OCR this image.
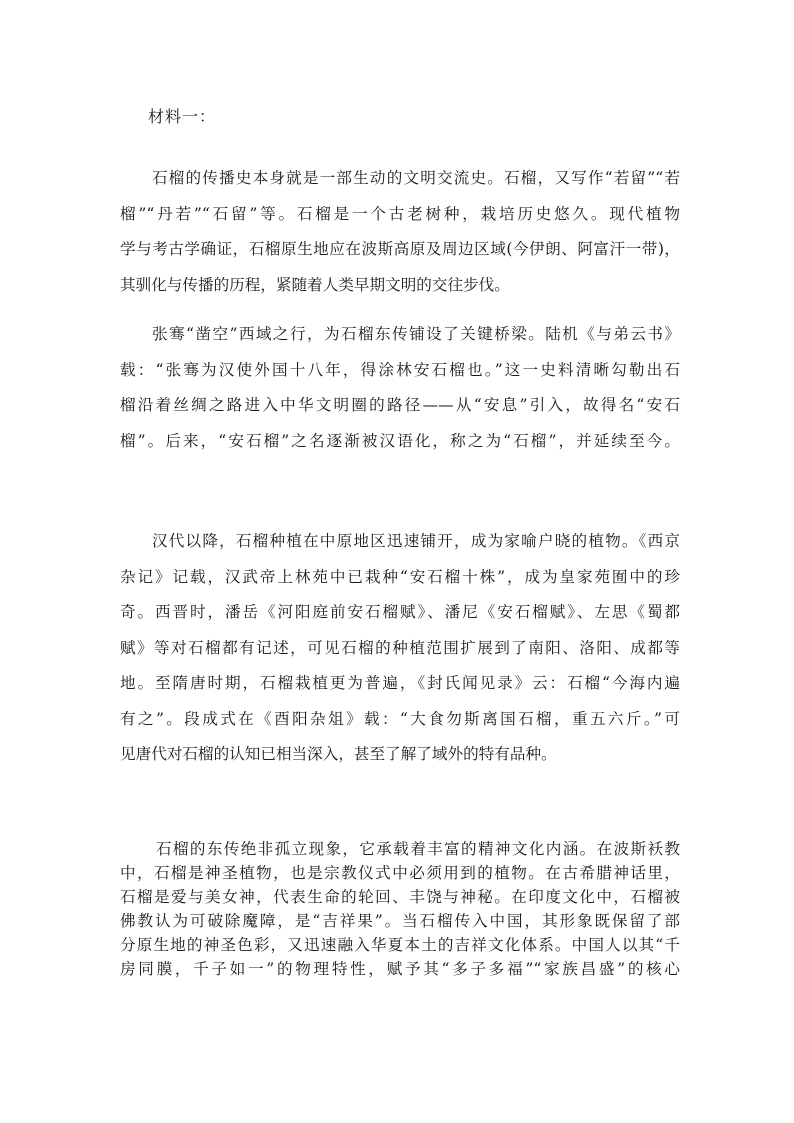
材料一：
石榴的传播史本身就是一部生动的文明交流史。石榴，又写作“若留”“若
榴”“丹若”“石留”等。石榴是一个古老树种，栽培历史悠久。现代植物
学与考古学确证，石榴原生地应在波斯高原及周边区域(今伊朗、阿富汗一带)，
其驯化与传播的历程，紧随着人类早期文明的交往步伐。
张骞“凿空”西域之行，为石榴东传铺设了关键桥梁。陆机《与弟云书》
载：“张骞为汉使外国十八年，得涂林安石榴也。”这一史料清晰勾勒出石
榴沿着丝绸之路进入中华文明圈的路径——从“安息”引入，故得名“安石
榴”。后来，“安石榴”之名逐渐被汉语化，称之为“石榴”，并延续至今。
汉代以降，石榴种植在中原地区迅速铺开，成为家喻户晓的植物。《西京
杂记》记载，汉武帝上林苑中已栽种“安石榴十株”，成为皇家苑囿中的珍
奇。西晋时，潘岳《河阳庭前安石榴赋》、潘尼《安石榴赋》、左思《蜀都
赋》等对石榴都有记述，可见石榴的种植范围扩展到了南阳、洛阳、成都等
地。至隋唐时期，石榴栽植更为普遍，《封氏闻见录》云：石榴“今海内遍
有之”。段成式在《酉阳杂俎》载：“大食勿斯离国石榴，重五六斤。”可
见唐代对石榴的认知已相当深入，甚至了解了域外的特有品种。
石榴的东传绝非孤立现象，它承载着丰富的精神文化内涵。在波斯袄教
中，石榴是神圣植物，也是宗教仪式中必须用到的植物。在古希腊神话里，
石榴是爱与美女神，代表生命的轮回、丰饶与神秘。在印度文化中，石榴被
佛教认为可破除魔障，是“吉祥果”。当石榴传入中国，其形象既保留了部
分原生地的神圣色彩，又迅速融入华夏本土的吉祥文化体系。中国人以其“千
房同膜，千子如一”的物理特性，赋予其“多子多福”“家族昌盛”的核心
